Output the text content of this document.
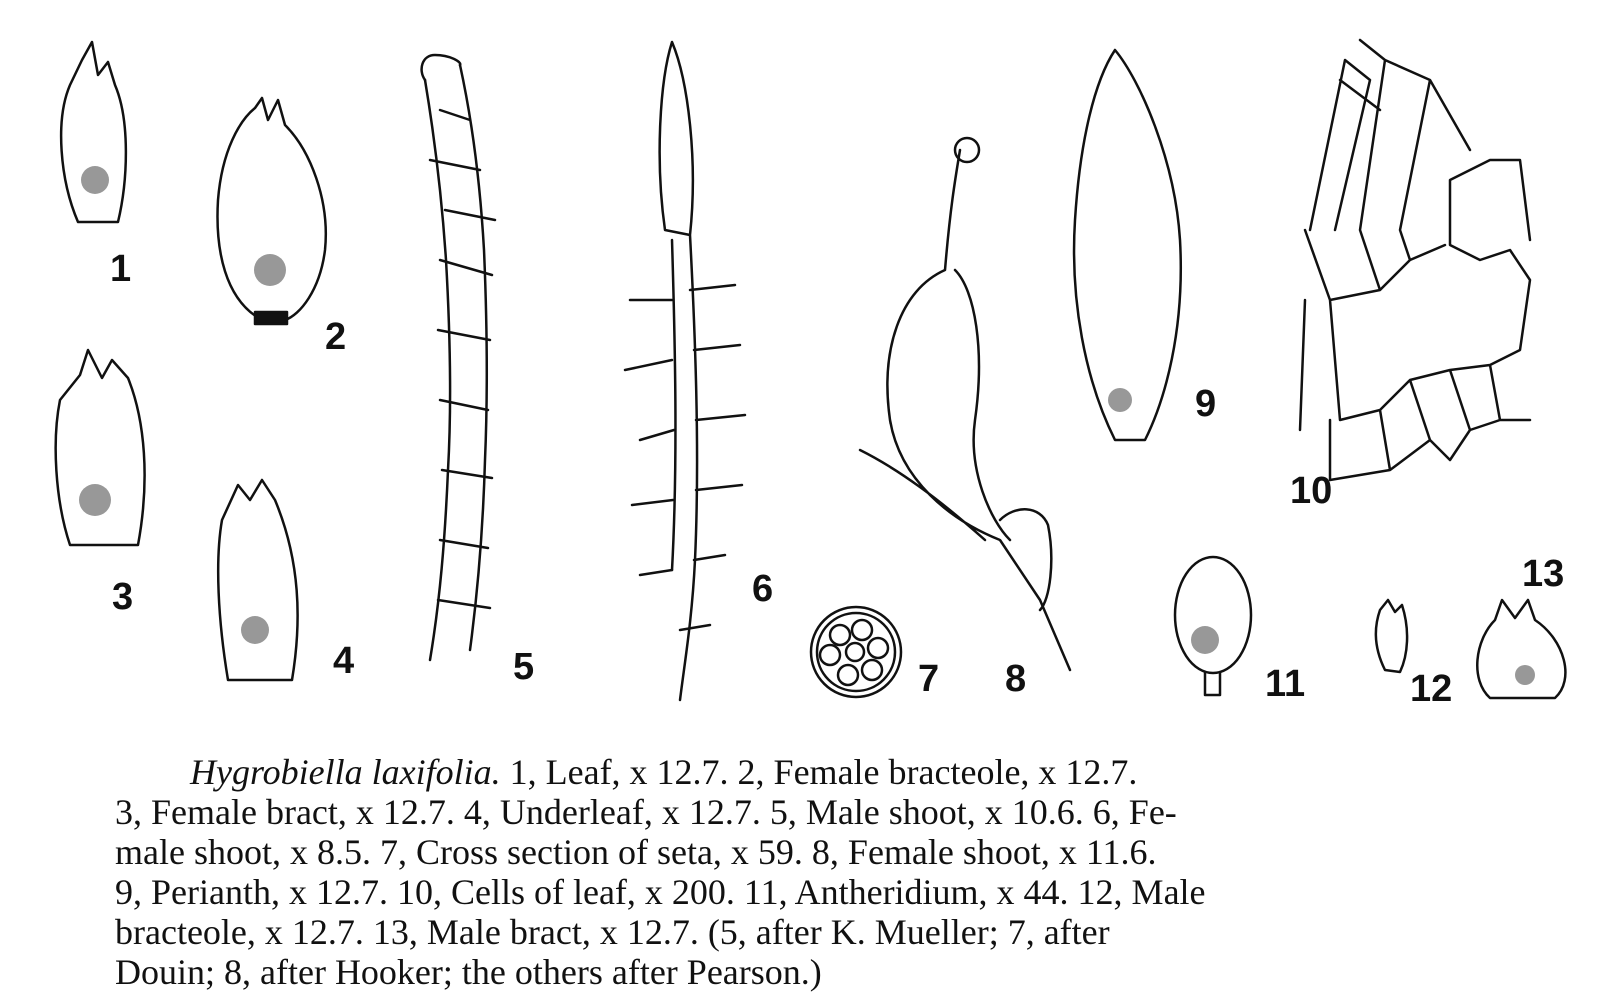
1
2
3
4	5
6
7 8
9
10
11	12
13
Hygrobiella laxifolia. 1, Leaf, x 12.7. 2, Female bracteole, x 12.7.
3, Female bract, x 12.7. 4, Underleaf, x 12.7. 5, Male shoot, x 10.6. 6, Fe-
male shoot, x 8.5. 7, Cross section of seta, x 59. 8, Female shoot, x 11.6.
9, Perianth, x 12.7. 10, Cells of leaf, x 200. 11, Antheridium, x 44. 12, Male
bracteole, x 12.7. 13, Male bract, x 12.7. (5, after K. Mueller; 7, after
Douin; 8, after Hooker; the others after Pearson.)
